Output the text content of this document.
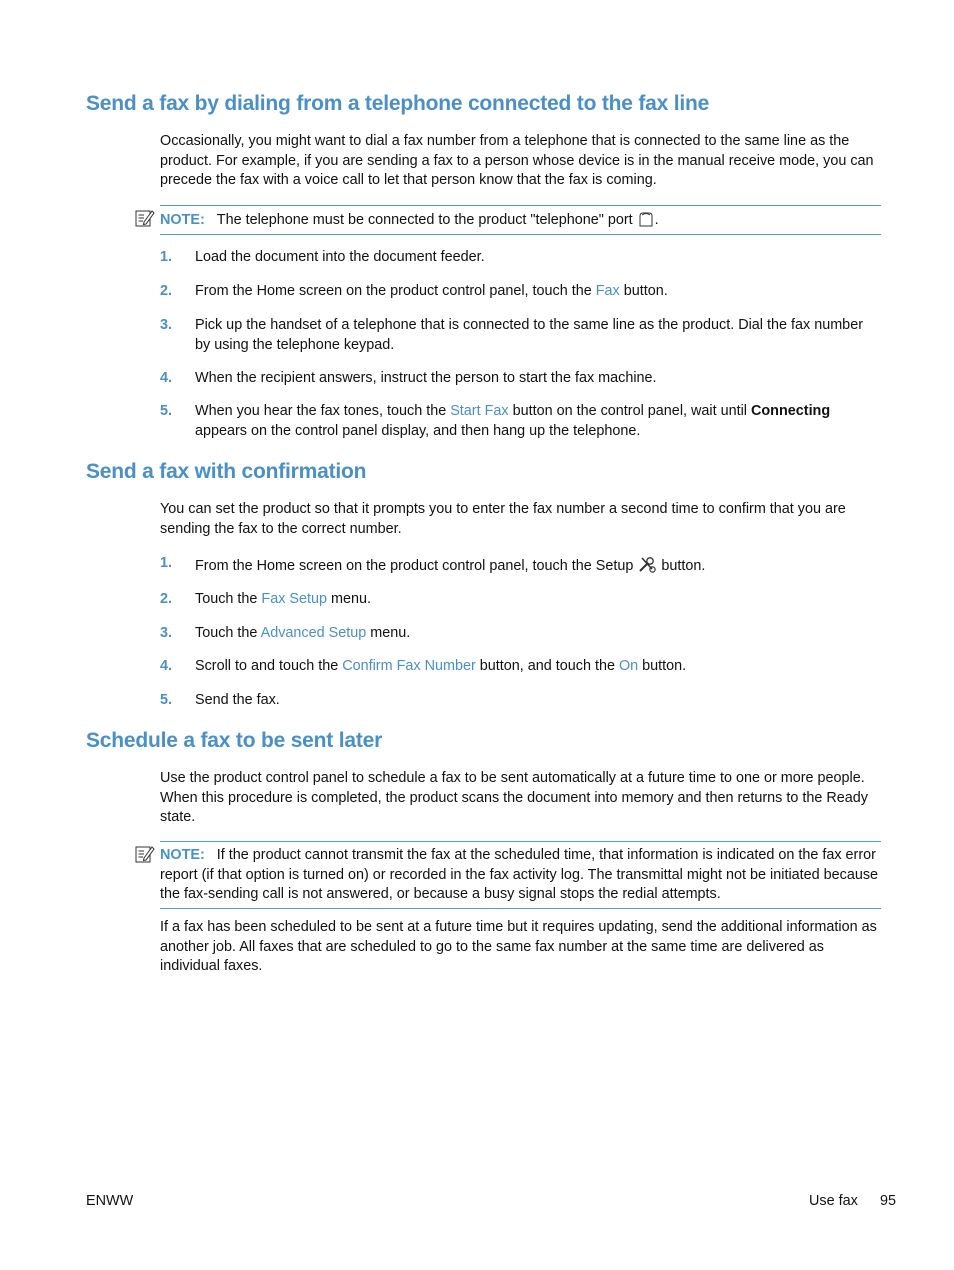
Send a fax by dialing from a telephone connected to the fax line

Occasionally, you might want to dial a fax number from a telephone that is connected to the same line as the product. For example, if you are sending a fax to a person whose device is in the manual receive mode, you can precede the fax with a voice call to let that person know that the fax is coming.

NOTE: The telephone must be connected to the product "telephone" port .
1. Load the document into the document feeder.
2. From the Home screen on the product control panel, touch the Fax button.
3. Pick up the handset of a telephone that is connected to the same line as the product. Dial the fax number by using the telephone keypad.
4. When the recipient answers, instruct the person to start the fax machine.
5. When you hear the fax tones, touch the Start Fax button on the control panel, wait until Connecting appears on the control panel display, and then hang up the telephone.
Send a fax with confirmation

You can set the product so that it prompts you to enter the fax number a second time to confirm that you are sending the fax to the correct number.

1. From the Home screen on the product control panel, touch the Setup  button.
2. Touch the Fax Setup menu.
3. Touch the Advanced Setup menu.
4. Scroll to and touch the Confirm Fax Number button, and touch the On button.
5. Send the fax.
Schedule a fax to be sent later

Use the product control panel to schedule a fax to be sent automatically at a future time to one or more people. When this procedure is completed, the product scans the document into memory and then returns to the Ready state.

NOTE: If the product cannot transmit the fax at the scheduled time, that information is indicated on the fax error report (if that option is turned on) or recorded in the fax activity log. The transmittal might not be initiated because the fax-sending call is not answered, or because a busy signal stops the redial attempts.

If a fax has been scheduled to be sent at a future time but it requires updating, send the additional information as another job. All faxes that are scheduled to go to the same fax number at the same time are delivered as individual faxes.

ENWW	Use fax 95
